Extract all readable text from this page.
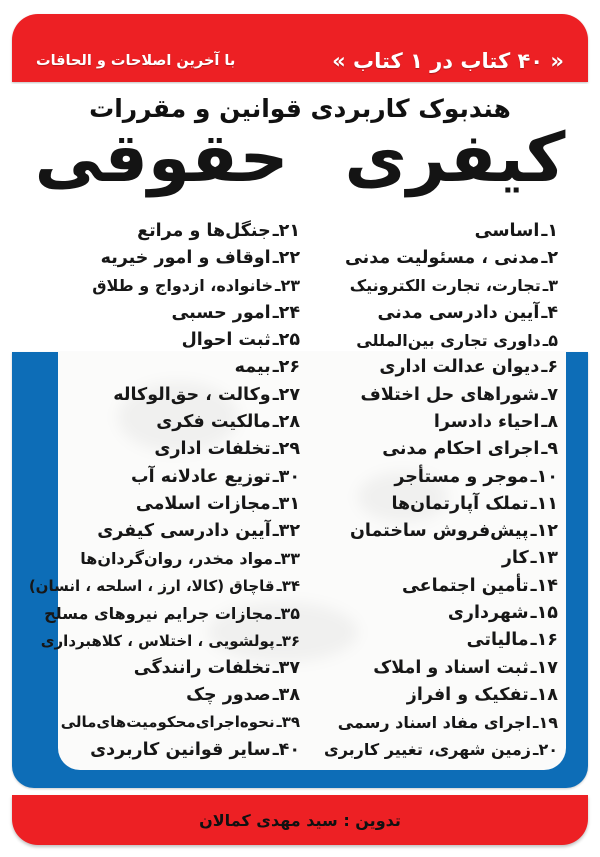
« ۴۰ کتاب در ۱ کتاب »
با آخرین اصلاحات و الحاقات
هندبوک کاربردی قوانین و مقررات
حقوقی کیفری
۱ـ
اساسی
۲ـ
مدنی ، مسئولیت مدنی
۳ـ
تجارت، تجارت الکترونیک
۴ـ
آیین دادرسی مدنی
۵ـ
داوری تجاری بین‌المللی
۶ـ
دیوان عدالت اداری
۷ـ
شوراهای حل اختلاف
۸ـ
احیاء دادسرا
۹ـ
اجرای احکام مدنی
۱۰ـ
موجر و مستأجر
۱۱ـ
تملک آپارتمان‌ها
۱۲ـ
پیش‌فروش ساختمان
۱۳ـ
کار
۱۴ـ
تأمین اجتماعی
۱۵ـ
شهرداری
۱۶ـ
مالیاتی
۱۷ـ
ثبت اسناد و املاک
۱۸ـ
تفکیک و افراز
۱۹ـ
اجرای مفاد اسناد رسمی
۲۰ـ
زمین شهری، تغییر کاربری
۲۱ـ
جنگل‌ها و مراتع
۲۲ـ
اوقاف و امور خیریه
۲۳ـ
خانواده، ازدواج و طلاق
۲۴ـ
امور حسبی
۲۵ـ
ثبت احوال
۲۶ـ
بیمه
۲۷ـ
وکالت ، حق‌الوکاله
۲۸ـ
مالکیت فکری
۲۹ـ
تخلفات اداری
۳۰ـ
توزیع عادلانه آب
۳۱ـ
مجازات اسلامی
۳۲ـ
آیین دادرسی کیفری
۳۳ـ
مواد مخدر، روان‌گردان‌ها
۳۴ـ
قاچاق (کالا، ارز ، اسلحه ، انسان)
۳۵ـ
مجازات جرایم نیروهای مسلح
۳۶ـ
پولشویی ، اختلاس ، کلاهبرداری
۳۷ـ
تخلفات رانندگی
۳۸ـ
صدور چک
۳۹ـ
نحوه‌اجرای‌محکومیت‌های‌مالی
۴۰ـ
سایر قوانین کاربردی
تدوین : سید مهدی کمالان
